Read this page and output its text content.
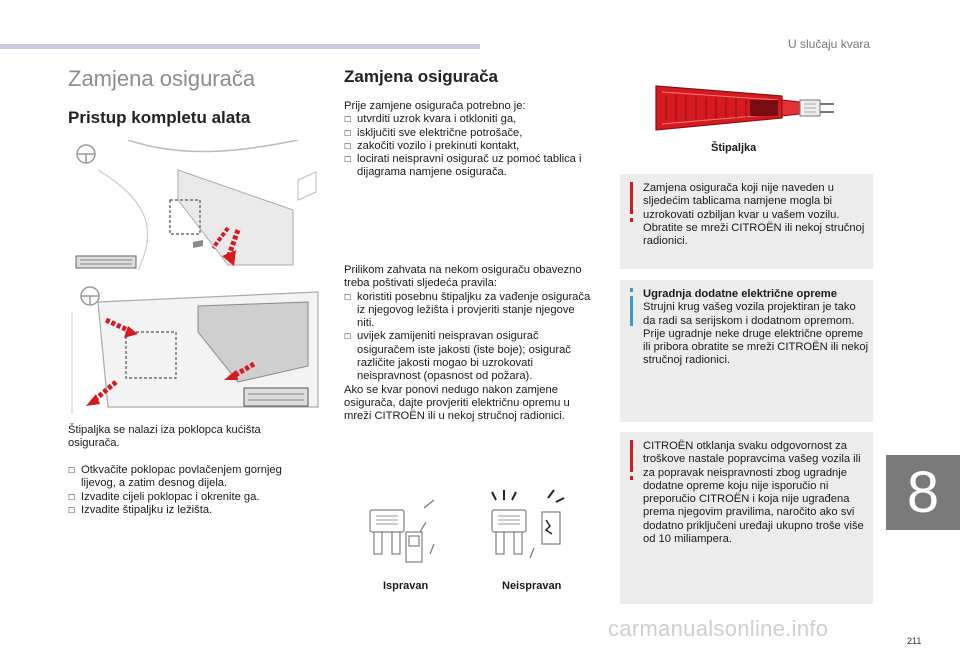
U slučaju kvara
8
211
Zamjena osigurača
Pristup kompletu alata
Štipaljka se nalazi iza poklopca kućišta osigurača.
☐ Otkvačite poklopac povlačenjem gornjeg lijevog, a zatim desnog dijela.
☐ Izvadite cijeli poklopac i okrenite ga.
☐ Izvadite štipaljku iz ležišta.
Zamjena osigurača

Prije zamjene osigurača potrebno je:

☐ utvrditi uzrok kvara i otkloniti ga,
☐ isključiti sve električne potrošače,
☐ zakočiti vozilo i prekinuti kontakt,
☐ locirati neispravni osigurač uz pomoć tablica i dijagrama namjene osigurača.

Prilikom zahvata na nekom osiguraču obavezno treba poštivati sljedeća pravila:

☐ koristiti posebnu štipaljku za vađenje osigurača iz njegovog ležišta i provjeriti stanje njegove niti.
☐ uvijek zamijeniti neispravan osigurač osiguračem iste jakosti (iste boje); osigurač različite jakosti mogao bi uzrokovati neispravnost (opasnost od požara).

Ako se kvar ponovi nedugo nakon zamjene osigurača, dajte provjeriti električnu opremu u mreži CITROËN ili u nekoj stručnoj radionici.

Ispravan	Neispravan
Štipaljka
Zamjena osigurača koji nije naveden u sljedećim tablicama namjene mogla bi uzrokovati ozbiljan kvar u vašem vozilu. Obratite se mreži CITROËN ili nekoj stručnoj radionici.
Ugradnja dodatne električne opreme
Strujni krug vašeg vozila projektiran je tako da radi sa serijskom i dodatnom opremom.
Prije ugradnje neke druge električne opreme ili pribora obratite se mreži CITROËN ili nekoj stručnoj radionici.
CITROËN otklanja svaku odgovornost za troškove nastale popravcima vašeg vozila ili za popravak neispravnosti zbog ugradnje dodatne opreme koju nije isporučio ni preporučio CITROËN i koja nije ugrađena prema njegovim pravilima, naročito ako svi dodatno priključeni uređaji ukupno troše više od 10 miliampera.
carmanualsonline.info
